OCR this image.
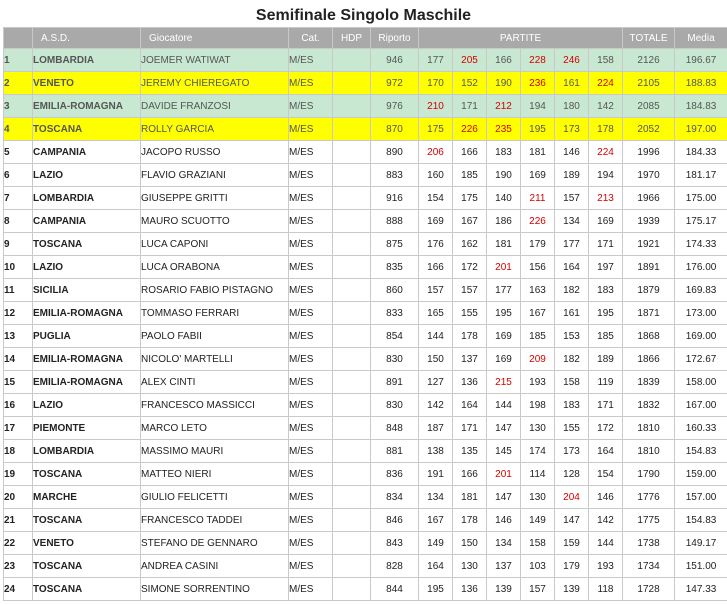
Semifinale Singolo Maschile
	A.S.D.	Giocatore	Cat.	HDP	Riporto	PARTITE						TOTALE	Media
1	LOMBARDIA	JOEMER WATIWAT	M/ES		946	177	205	166	228	246	158	2126	196.67
2	VENETO	JEREMY CHIEREGATO	M/ES		972	170	152	190	236	161	224	2105	188.83
3	EMILIA-ROMAGNA	DAVIDE FRANZOSI	M/ES		976	210	171	212	194	180	142	2085	184.83
4	TOSCANA	ROLLY GARCIA	M/ES		870	175	226	235	195	173	178	2052	197.00
5	CAMPANIA	JACOPO RUSSO	M/ES		890	206	166	183	181	146	224	1996	184.33
6	LAZIO	FLAVIO GRAZIANI	M/ES		883	160	185	190	169	189	194	1970	181.17
7	LOMBARDIA	GIUSEPPE GRITTI	M/ES		916	154	175	140	211	157	213	1966	175.00
8	CAMPANIA	MAURO SCUOTTO	M/ES		888	169	167	186	226	134	169	1939	175.17
9	TOSCANA	LUCA CAPONI	M/ES		875	176	162	181	179	177	171	1921	174.33
10	LAZIO	LUCA ORABONA	M/ES		835	166	172	201	156	164	197	1891	176.00
11	SICILIA	ROSARIO FABIO PISTAGNO	M/ES		860	157	157	177	163	182	183	1879	169.83
12	EMILIA-ROMAGNA	TOMMASO FERRARI	M/ES		833	165	155	195	167	161	195	1871	173.00
13	PUGLIA	PAOLO FABII	M/ES		854	144	178	169	185	153	185	1868	169.00
14	EMILIA-ROMAGNA	NICOLO' MARTELLI	M/ES		830	150	137	169	209	182	189	1866	172.67
15	EMILIA-ROMAGNA	ALEX CINTI	M/ES		891	127	136	215	193	158	119	1839	158.00
16	LAZIO	FRANCESCO MASSICCI	M/ES		830	142	164	144	198	183	171	1832	167.00
17	PIEMONTE	MARCO LETO	M/ES		848	187	171	147	130	155	172	1810	160.33
18	LOMBARDIA	MASSIMO MAURI	M/ES		881	138	135	145	174	173	164	1810	154.83
19	TOSCANA	MATTEO NIERI	M/ES		836	191	166	201	114	128	154	1790	159.00
20	MARCHE	GIULIO FELICETTI	M/ES		834	134	181	147	130	204	146	1776	157.00
21	TOSCANA	FRANCESCO TADDEI	M/ES		846	167	178	146	149	147	142	1775	154.83
22	VENETO	STEFANO DE GENNARO	M/ES		843	149	150	134	158	159	144	1738	149.17
23	TOSCANA	ANDREA CASINI	M/ES		828	164	130	137	103	179	193	1734	151.00
24	TOSCANA	SIMONE SORRENTINO	M/ES		844	195	136	139	157	139	118	1728	147.33
